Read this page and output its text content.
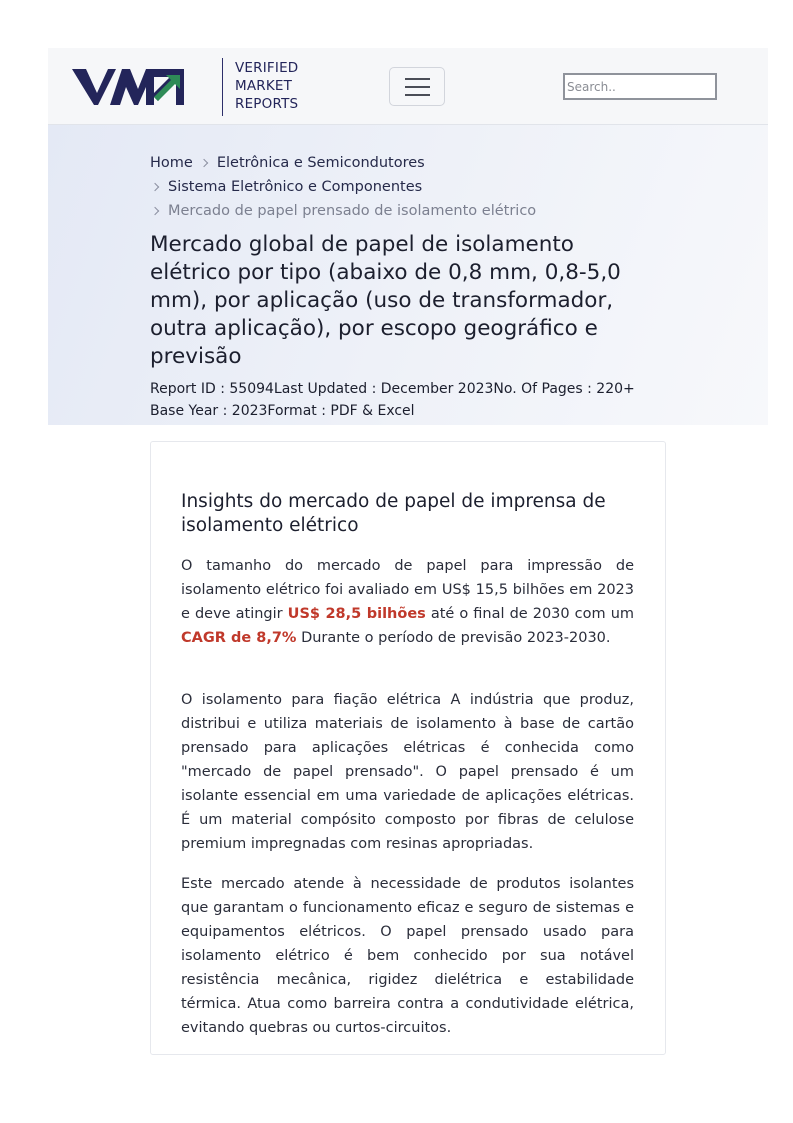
VERIFIED
MARKET
REPORTS
Search..
Home Eletrônica e Semicondutores
Sistema Eletrônico e Componentes
Mercado de papel prensado de isolamento elétrico
Mercado global de papel de isolamento elétrico por tipo (abaixo de 0,8 mm, 0,8-5,0 mm), por aplicação (uso de transformador, outra aplicação), por escopo geográfico e previsão
Report ID : 55094Last Updated : December 2023No. Of Pages : 220+
Base Year : 2023Format : PDF & Excel
Insights do mercado de papel de imprensa de isolamento elétrico

O tamanho do mercado de papel para impressão de isolamento elétrico foi avaliado em US$ 15,5 bilhões em 2023 e deve atingir US$ 28,5 bilhões até o final de 2030 com um CAGR de 8,7% Durante o período de previsão 2023-2030.

O isolamento para fiação elétrica A indústria que produz, distribui e utiliza materiais de isolamento à base de cartão prensado para aplicações elétricas é conhecida como "mercado de papel prensado". O papel prensado é um isolante essencial em uma variedade de aplicações elétricas. É um material compósito composto por fibras de celulose premium impregnadas com resinas apropriadas.

Este mercado atende à necessidade de produtos isolantes que garantam o funcionamento eficaz e seguro de sistemas e equipamentos elétricos. O papel prensado usado para isolamento elétrico é bem conhecido por sua notável resistência mecânica, rigidez dielétrica e estabilidade térmica. Atua como barreira contra a condutividade elétrica, evitando quebras ou curtos-circuitos.
